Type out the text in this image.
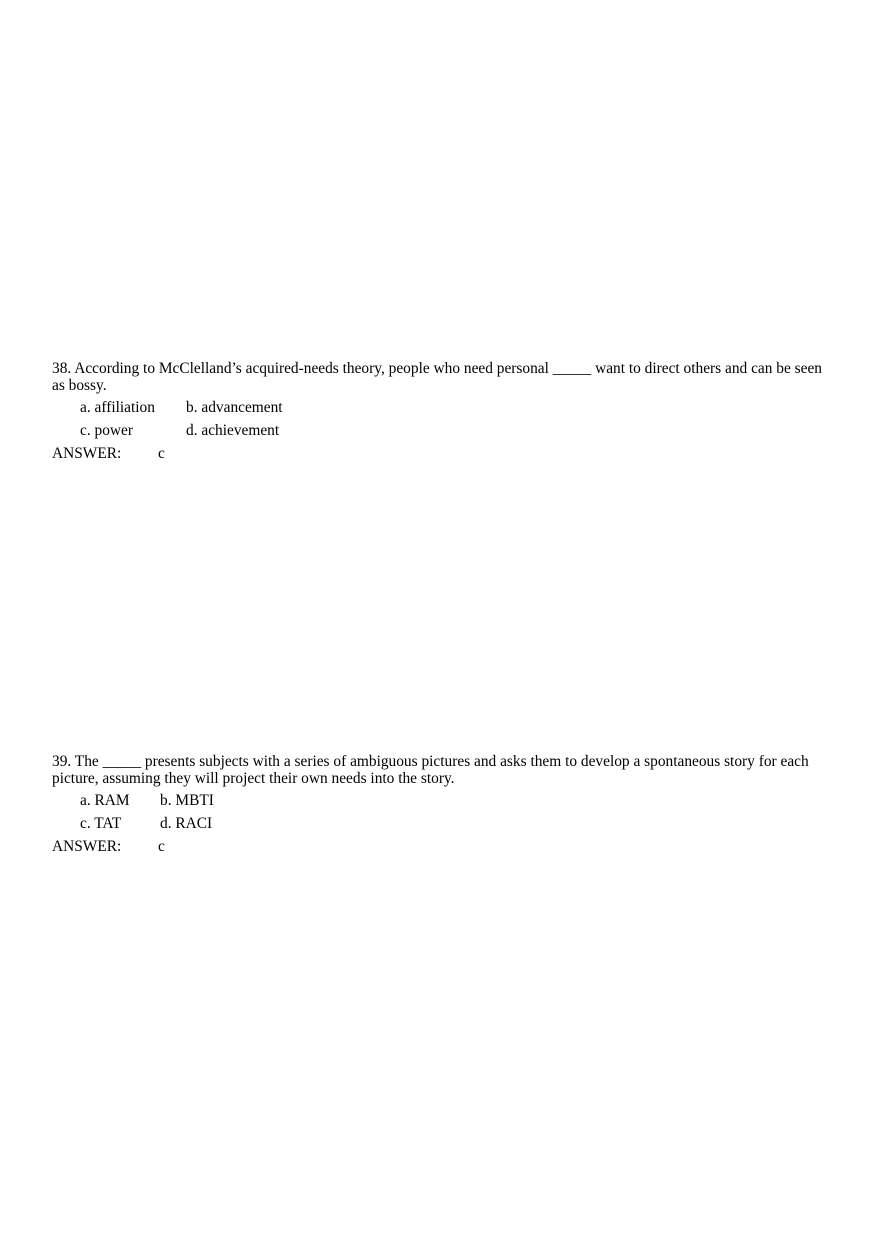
38. According to McClelland’s acquired-needs theory, people who need personal _____ want to direct others and can be seen as bossy.

a. affiliation b. advancement
c. power	d. achievement
ANSWER: c

39. The _____ presents subjects with a series of ambiguous pictures and asks them to develop a spontaneous story for each picture, assuming they will project their own needs into the story.

a. RAM b. MBTI
c. TAT	d. RACI
ANSWER: c
